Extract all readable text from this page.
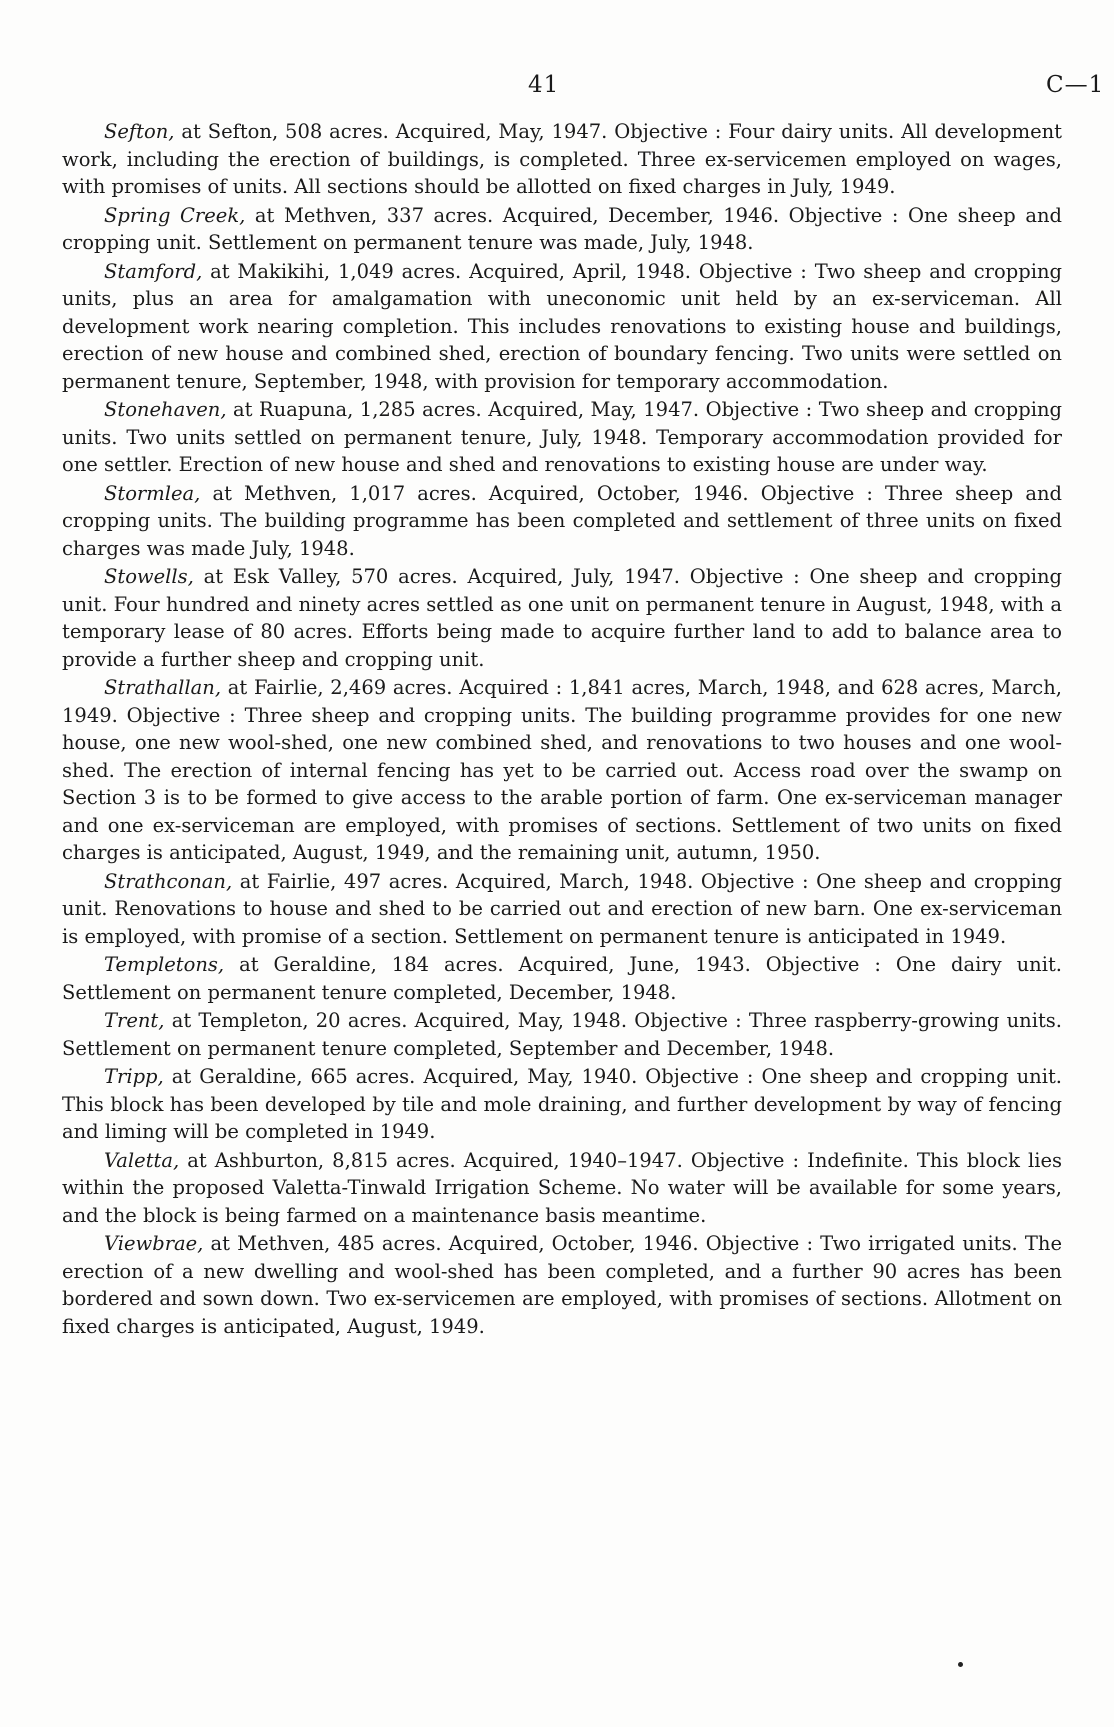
41	C—1

Sefton, at Sefton, 508 acres. Acquired, May, 1947. Objective : Four dairy units. All development work, including the erection of buildings, is completed. Three ex-servicemen employed on wages, with promises of units. All sections should be allotted on fixed charges in July, 1949.

Spring Creek, at Methven, 337 acres. Acquired, December, 1946. Objective : One sheep and cropping unit. Settlement on permanent tenure was made, July, 1948.

Stamford, at Makikihi, 1,049 acres. Acquired, April, 1948. Objective : Two sheep and cropping units, plus an area for amalgamation with uneconomic unit held by an ex-serviceman. All development work nearing completion. This includes renovations to existing house and buildings, erection of new house and combined shed, erection of boundary fencing. Two units were settled on permanent tenure, September, 1948, with provision for temporary accommodation.

Stonehaven, at Ruapuna, 1,285 acres. Acquired, May, 1947. Objective : Two sheep and cropping units. Two units settled on permanent tenure, July, 1948. Temporary accommodation provided for one settler. Erection of new house and shed and renovations to existing house are under way.

Stormlea, at Methven, 1,017 acres. Acquired, October, 1946. Objective : Three sheep and cropping units. The building programme has been completed and settlement of three units on fixed charges was made July, 1948.

Stowells, at Esk Valley, 570 acres. Acquired, July, 1947. Objective : One sheep and cropping unit. Four hundred and ninety acres settled as one unit on permanent tenure in August, 1948, with a temporary lease of 80 acres. Efforts being made to acquire further land to add to balance area to provide a further sheep and cropping unit.

Strathallan, at Fairlie, 2,469 acres. Acquired : 1,841 acres, March, 1948, and 628 acres, March, 1949. Objective : Three sheep and cropping units. The building programme provides for one new house, one new wool-shed, one new combined shed, and renovations to two houses and one wool-shed. The erection of internal fencing has yet to be carried out. Access road over the swamp on Section 3 is to be formed to give access to the arable portion of farm. One ex-serviceman manager and one ex-serviceman are employed, with promises of sections. Settlement of two units on fixed charges is anticipated, August, 1949, and the remaining unit, autumn, 1950.

Strathconan, at Fairlie, 497 acres. Acquired, March, 1948. Objective : One sheep and cropping unit. Renovations to house and shed to be carried out and erection of new barn. One ex-serviceman is employed, with promise of a section. Settlement on permanent tenure is anticipated in 1949.

Templetons, at Geraldine, 184 acres. Acquired, June, 1943. Objective : One dairy unit. Settlement on permanent tenure completed, December, 1948.

Trent, at Templeton, 20 acres. Acquired, May, 1948. Objective : Three raspberry-growing units. Settlement on permanent tenure completed, September and December, 1948.

Tripp, at Geraldine, 665 acres. Acquired, May, 1940. Objective : One sheep and cropping unit. This block has been developed by tile and mole draining, and further development by way of fencing and liming will be completed in 1949.

Valetta, at Ashburton, 8,815 acres. Acquired, 1940–1947. Objective : Indefinite. This block lies within the proposed Valetta-Tinwald Irrigation Scheme. No water will be available for some years, and the block is being farmed on a maintenance basis meantime.

Viewbrae, at Methven, 485 acres. Acquired, October, 1946. Objective : Two irrigated units. The erection of a new dwelling and wool-shed has been completed, and a further 90 acres has been bordered and sown down. Two ex-servicemen are employed, with promises of sections. Allotment on fixed charges is anticipated, August, 1949.
